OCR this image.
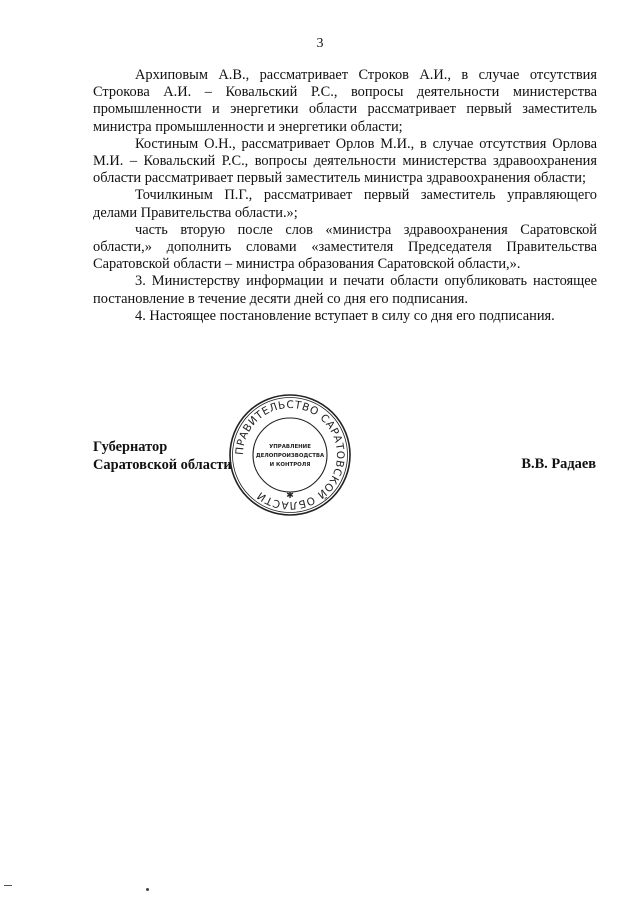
3

Архиповым А.В., рассматривает Строков А.И., в случае отсутствия Строкова А.И. – Ковальский Р.С., вопросы деятельности министерства промышленности и энергетики области рассматривает первый заместитель министра промышленности и энергетики области;

Костиным О.Н., рассматривает Орлов М.И., в случае отсутствия Орлова М.И. – Ковальский Р.С., вопросы деятельности министерства здравоохранения области рассматривает первый заместитель министра здравоохранения области;

Точилкиным П.Г., рассматривает первый заместитель управляющего делами Правительства области.»;

часть вторую после слов «министра здравоохранения Саратовской области,» дополнить словами «заместителя Председателя Правительства Саратовской области – министра образования Саратовской области,».

3. Министерству информации и печати области опубликовать настоящее постановление в течение десяти дней со дня его подписания.

4. Настоящее постановление вступает в силу со дня его подписания.

Губернатор
Саратовской области	В.В. Радаев
ПРАВИТЕЛЬСТВО САРАТОВСКОЙ ОБЛАСТИ
УПРАВЛЕНИЕ
ДЕЛОПРОИЗВОДСТВА
И КОНТРОЛЯ
✱
